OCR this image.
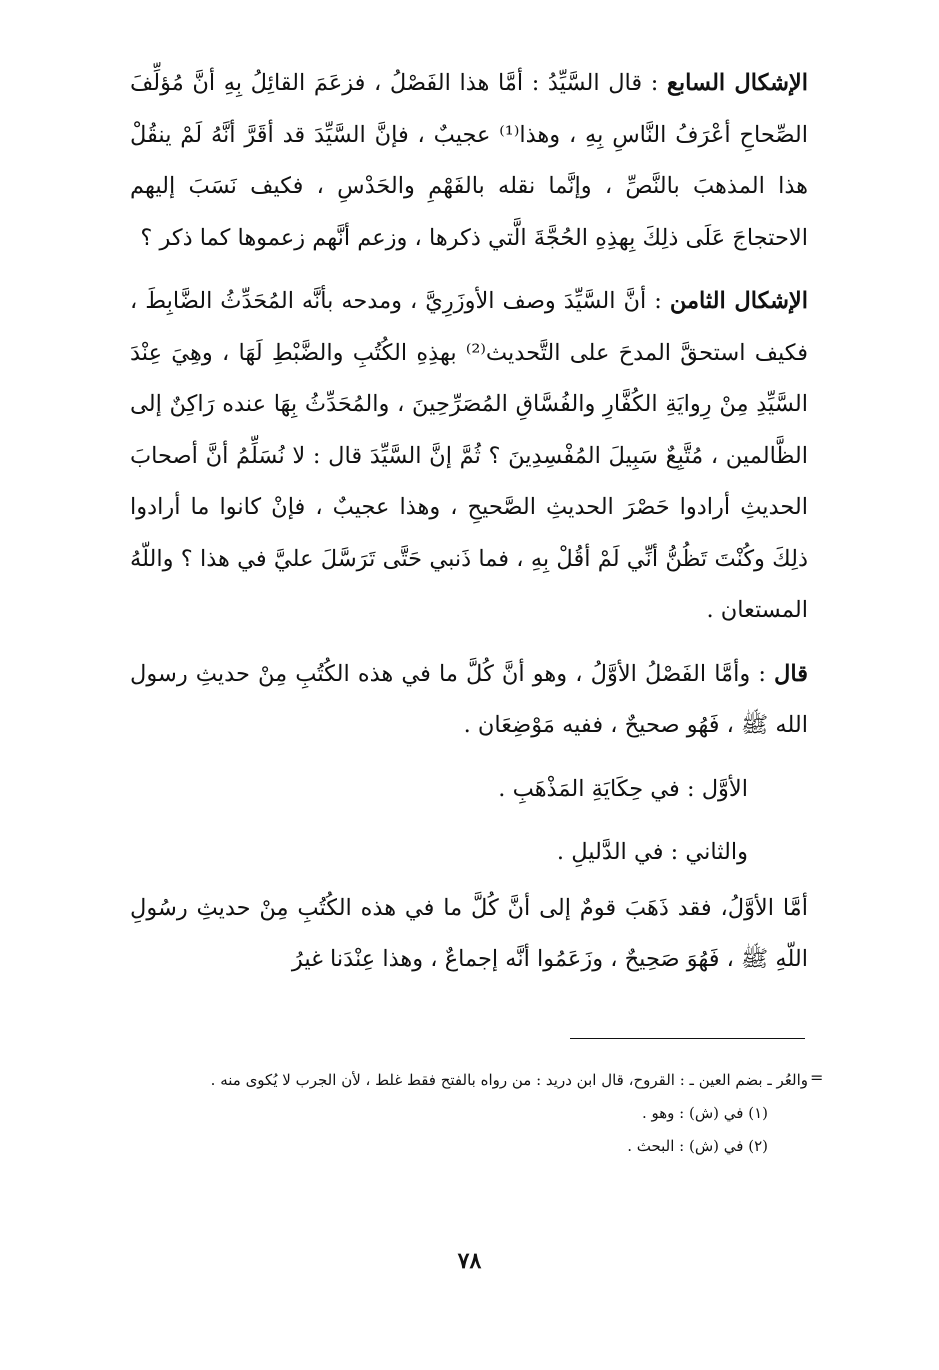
الإشكال السابع : قال السَّيِّدُ : أمَّا هذا الفَصْلُ ، فزعَمَ القائِلُ بِهِ أنَّ مُؤلِّفَ الصِّحاحِ أعْرَفُ النَّاسِ بِهِ ، وهذا⁽¹⁾ عجيبٌ ، فإنَّ السَّيِّدَ قد أقَرَّ أنَّهُ لَمْ ينقُلْ هذا المذهبَ بالنَّصِّ ، وإنَّما نقله بالفَهْمِ والحَدْسِ ، فكيف نَسَبَ إليهم الاحتجاجَ عَلَى ذلِكَ بِهذِهِ الحُجَّةَ الَّتي ذكرها ، وزعم أنَّهم زعموها كما ذكر ؟

الإشكال الثامن : أنَّ السَّيِّدَ وصف الأوزَرِيَّ ، ومدحه بأنَّه المُحَدِّثُ الضَّابِطَ ، فكيف استحقَّ المدحَ على التَّحديث⁽²⁾ بهذِهِ الكُتُبِ والضَّبْطِ لَهَا ، وهِيَ عِنْدَ السَّيِّدِ مِنْ رِوايَةِ الكُفَّارِ والفُسَّاقِ المُصَرِّحِينَ ، والمُحَدِّثُ بِهَا عنده رَاكِنٌ إلى الظَّالمين ، مُتَّبِعٌ سَبِيلَ المُفْسِدِينَ ؟ ثُمَّ إنَّ السَّيِّدَ قال : لا نُسَلِّمُ أنَّ أصحابَ الحديثِ أرادوا حَصْرَ الحديثِ الصَّحيحِ ، وهذا عجيبٌ ، فإنْ كانوا ما أرادوا ذلِكَ وكُنْتَ تَظُنُّ أنِّي لَمْ أقُلْ بِهِ ، فما ذَنبي حَتَّى تَرَسَّلَ عليَّ في هذا ؟ واللّهُ المستعان .

قال : وأمَّا الفَصْلُ الأوَّلُ ، وهو أنَّ كُلَّ ما في هذه الكُتُبِ مِنْ حديثِ رسول الله ﷺ ، فَهُو صحيحٌ ، ففيه مَوْضِعَان .

الأوَّل : في حِكَايَةِ المَذْهَبِ .

والثاني : في الدَّليلِ .

أمَّا الأوَّلُ، فقد ذَهَبَ قومٌ إلى أنَّ كُلَّ ما في هذه الكُتُبِ مِنْ حديثِ رسُولِ اللّهِ ﷺ ، فَهُوَ صَحِيحٌ ، وزَعَمُوا أنَّه إجماعٌ ، وهذا عِنْدَنا غيرُ

=

والعُر ـ بضم العين ـ : القروح، قال ابن دريد : من رواه بالفتح فقط غلط ، لأن الجرب لا يُكوى منه .

(١) في (ش) : وهو .

(٢) في (ش) : البحث .

٧٨
